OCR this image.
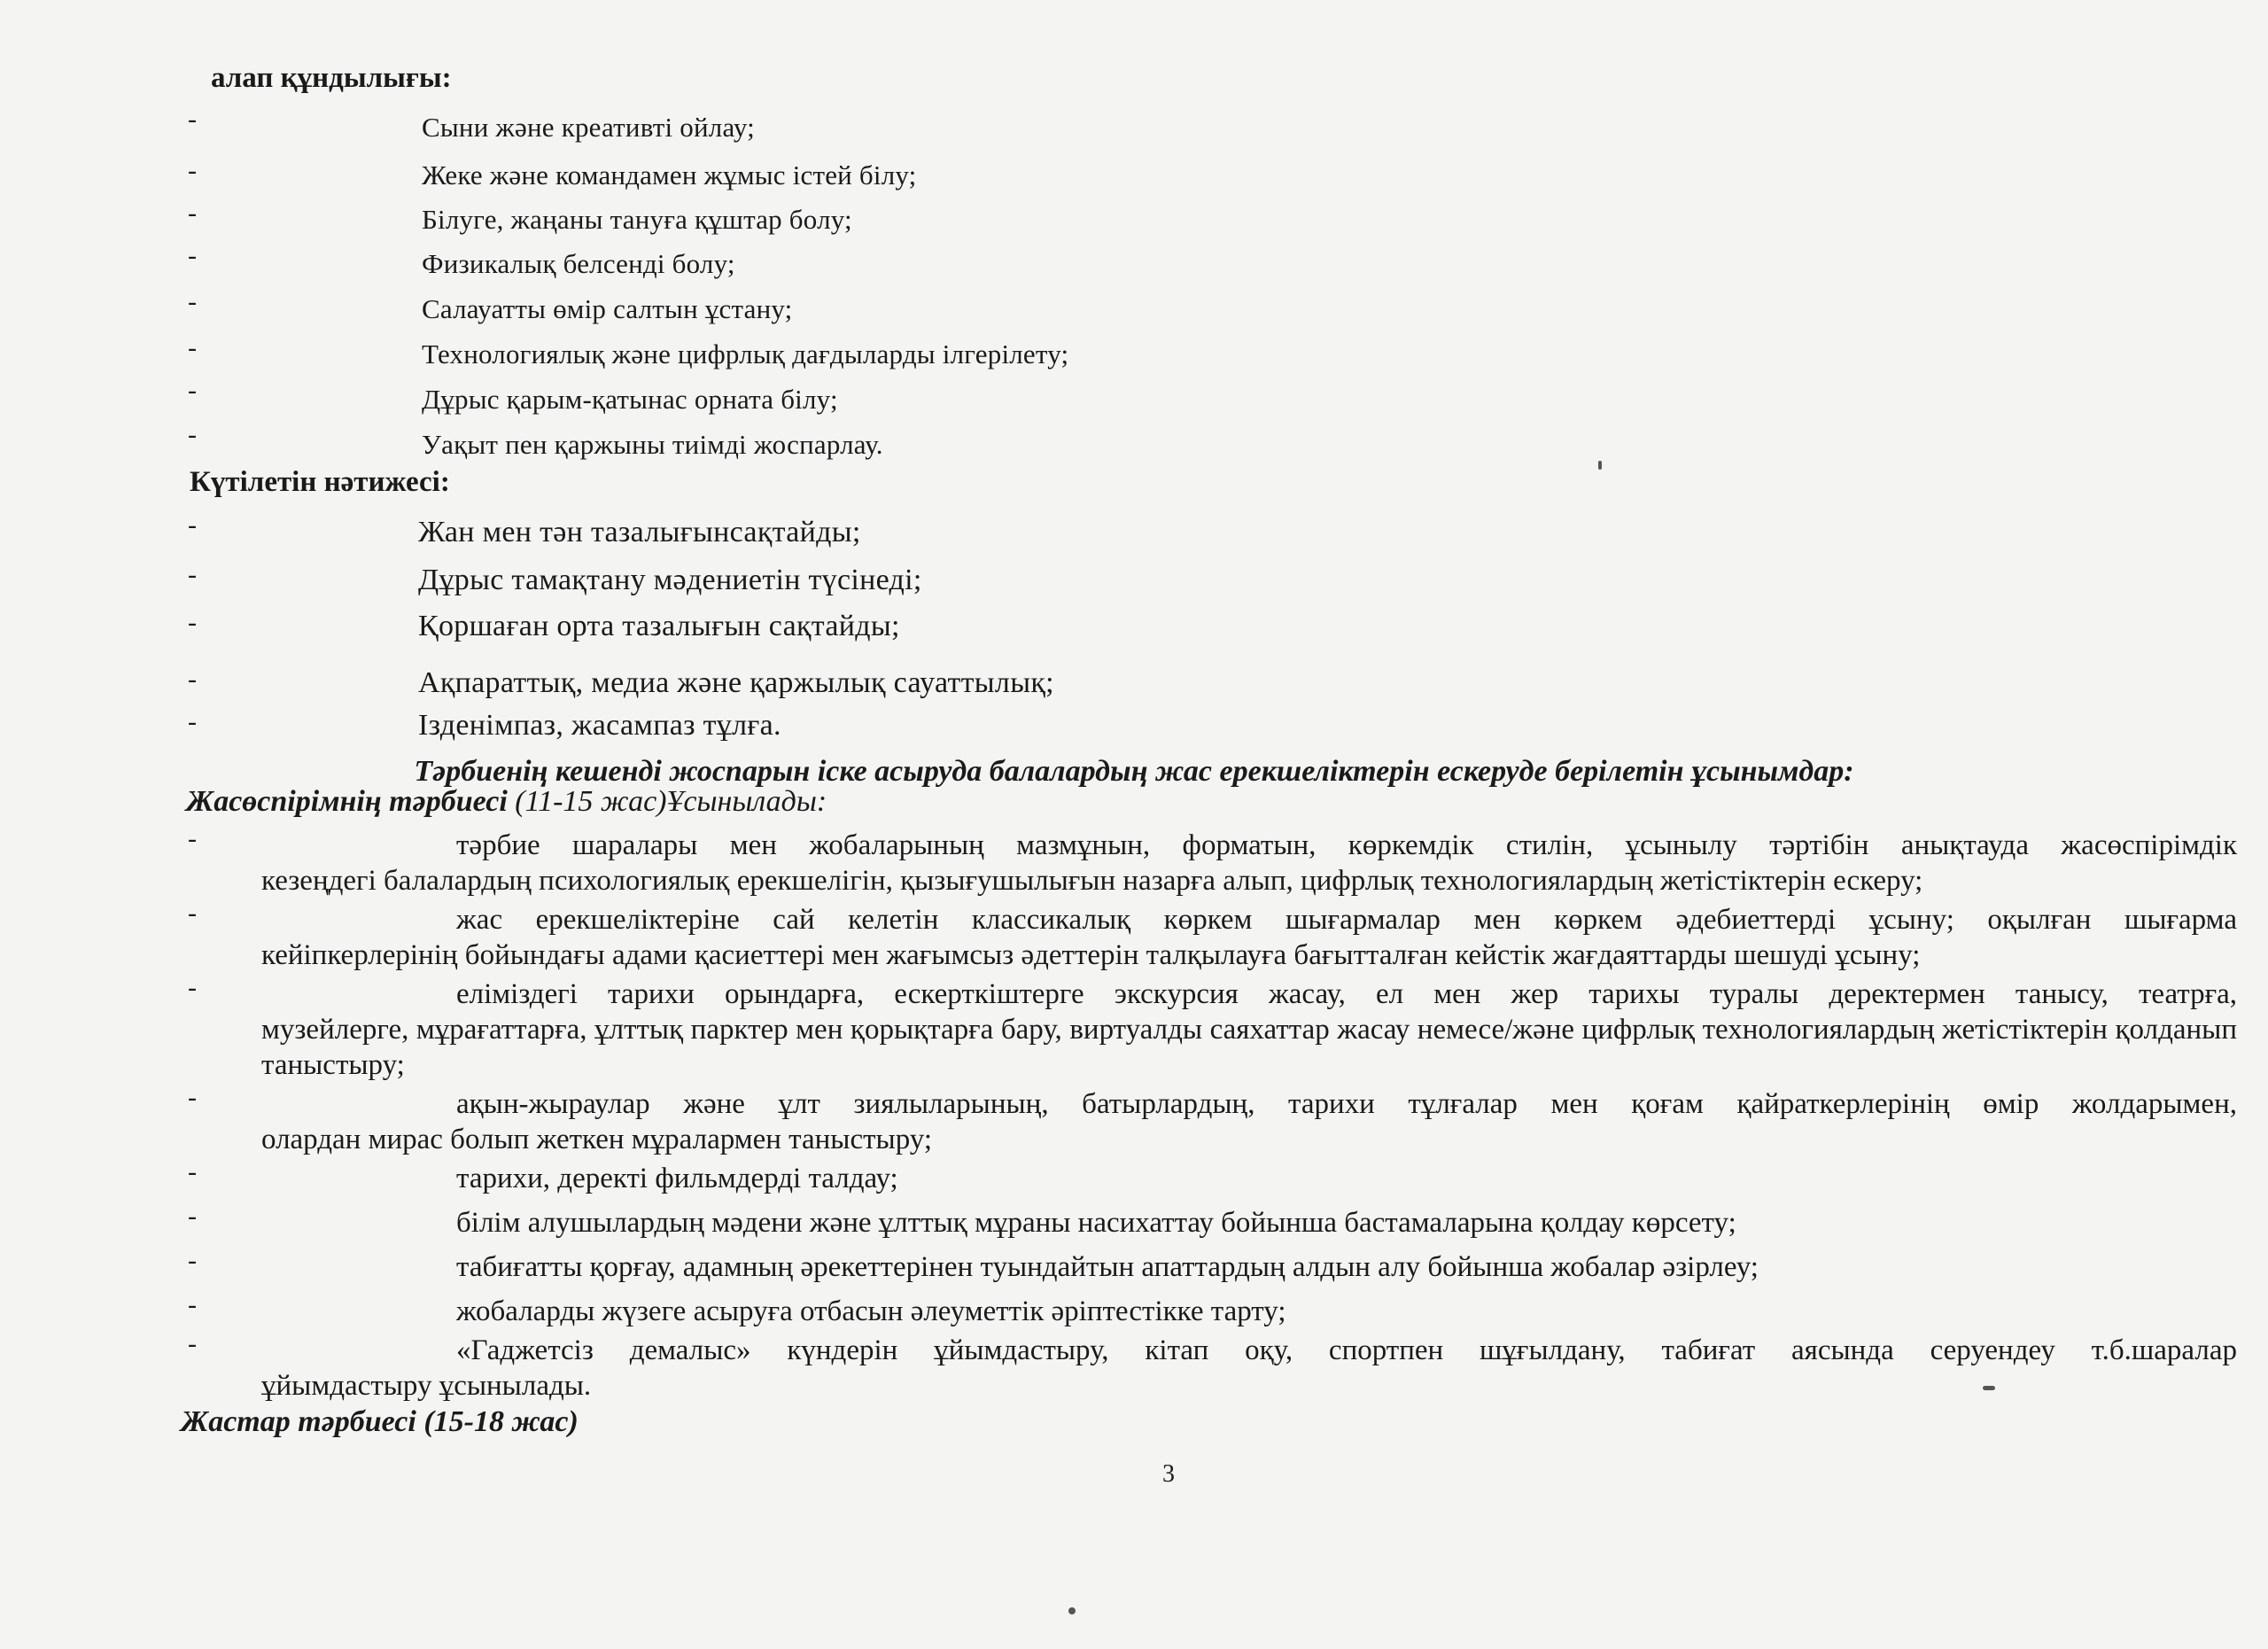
алап құндылығы:
-	Сыни және креативті ойлау;
-	Жеке және командамен жұмыс істей білу;
-	Білуге, жаңаны тануға құштар болу;
-	Физикалық белсенді болу;
-	Салауатты өмір салтын ұстану;
-	Технологиялық және цифрлық дағдыларды ілгерілету;
-	Дұрыс қарым-қатынас орната білу;
-	Уақыт пен қаржыны тиімді жоспарлау.
Күтілетін нәтижесі:
-	Жан мен тән тазалығынсақтайды;
-	Дұрыс тамақтану мәдениетін түсінеді;
-	Қоршаған орта тазалығын сақтайды;
-	Ақпараттық, медиа және қаржылық сауаттылық;
-	Ізденімпаз, жасампаз тұлға.
Тәрбиенің кешенді жоспарын іске асыруда балалардың жас ерекшеліктерін ескеруде берілетін ұсынымдар:
Жасөспірімнің тәрбиесі (11-15 жас)Ұсынылады:
-	тәрбие шаралары мен жобаларының мазмұнын, форматын, көркемдік стилін, ұсынылу тәртібін анықтауда жасөспірімдік
кезеңдегі балалардың психологиялық ерекшелігін, қызығушылығын назарға алып, цифрлық технологиялардың жетістіктерін ескеру;
-	жас ерекшеліктеріне сай келетін классикалық көркем шығармалар мен көркем әдебиеттерді ұсыну; оқылған шығарма
кейіпкерлерінің бойындағы адами қасиеттері мен жағымсыз әдеттерін талқылауға бағытталған кейстік жағдаяттарды шешуді ұсыну;
-	еліміздегі тарихи орындарға, ескерткіштерге экскурсия жасау, ел мен жер тарихы туралы деректермен танысу, театрға,
музейлерге, мұрағаттарға, ұлттық парктер мен қорықтарға бару, виртуалды саяхаттар жасау немесе/және цифрлық технологиялардың жетістіктерін қолданып таныстыру;
-	ақын-жыраулар және ұлт зиялыларының, батырлардың, тарихи тұлғалар мен қоғам қайраткерлерінің өмір жолдарымен,
олардан мирас болып жеткен мұралармен таныстыру;
-	тарихи, деректі фильмдерді талдау;
-	білім алушылардың мәдени және ұлттық мұраны насихаттау бойынша бастамаларына қолдау көрсету;
-	табиғатты қорғау, адамның әрекеттерінен туындайтын апаттардың алдын алу бойынша жобалар әзірлеу;
-	жобаларды жүзеге асыруға отбасын әлеуметтік әріптестікке тарту;
-	«Гаджетсіз демалыс» күндерін ұйымдастыру, кітап оқу, спортпен шұғылдану, табиғат аясында серуендеу т.б.шаралар
ұйымдастыру ұсынылады.
Жастар тәрбиесі (15-18 жас)
3
